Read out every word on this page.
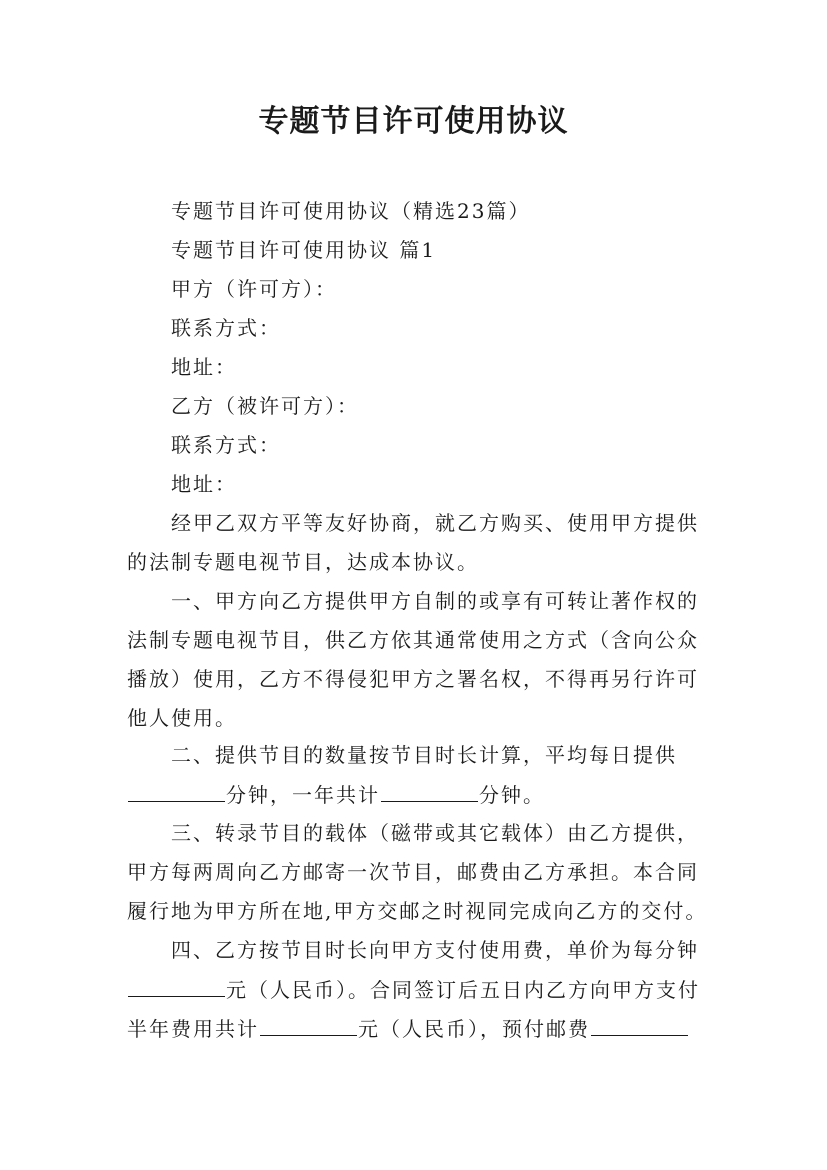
专题节目许可使用协议
专题节目许可使用协议（精选23篇）
专题节目许可使用协议 篇1
甲方（许可方）：
联系方式：
地址：
乙方（被许可方）：
联系方式：
地址：
经甲乙双方平等友好协商，就乙方购买、使用甲方提供
的法制专题电视节目，达成本协议。
一、甲方向乙方提供甲方自制的或享有可转让著作权的
法制专题电视节目，供乙方依其通常使用之方式（含向公众
播放）使用，乙方不得侵犯甲方之署名权，不得再另行许可
他人使用。
二、提供节目的数量按节目时长计算，平均每日提供
分钟，一年共计	分钟。
三、转录节目的载体（磁带或其它载体）由乙方提供，
甲方每两周向乙方邮寄一次节目，邮费由乙方承担。本合同
履行地为甲方所在地,甲方交邮之时视同完成向乙方的交付。
四、乙方按节目时长向甲方支付使用费，单价为每分钟
元（人民币）。合同签订后五日内乙方向甲方支付
半年费用共计	元（人民币），预付邮费
